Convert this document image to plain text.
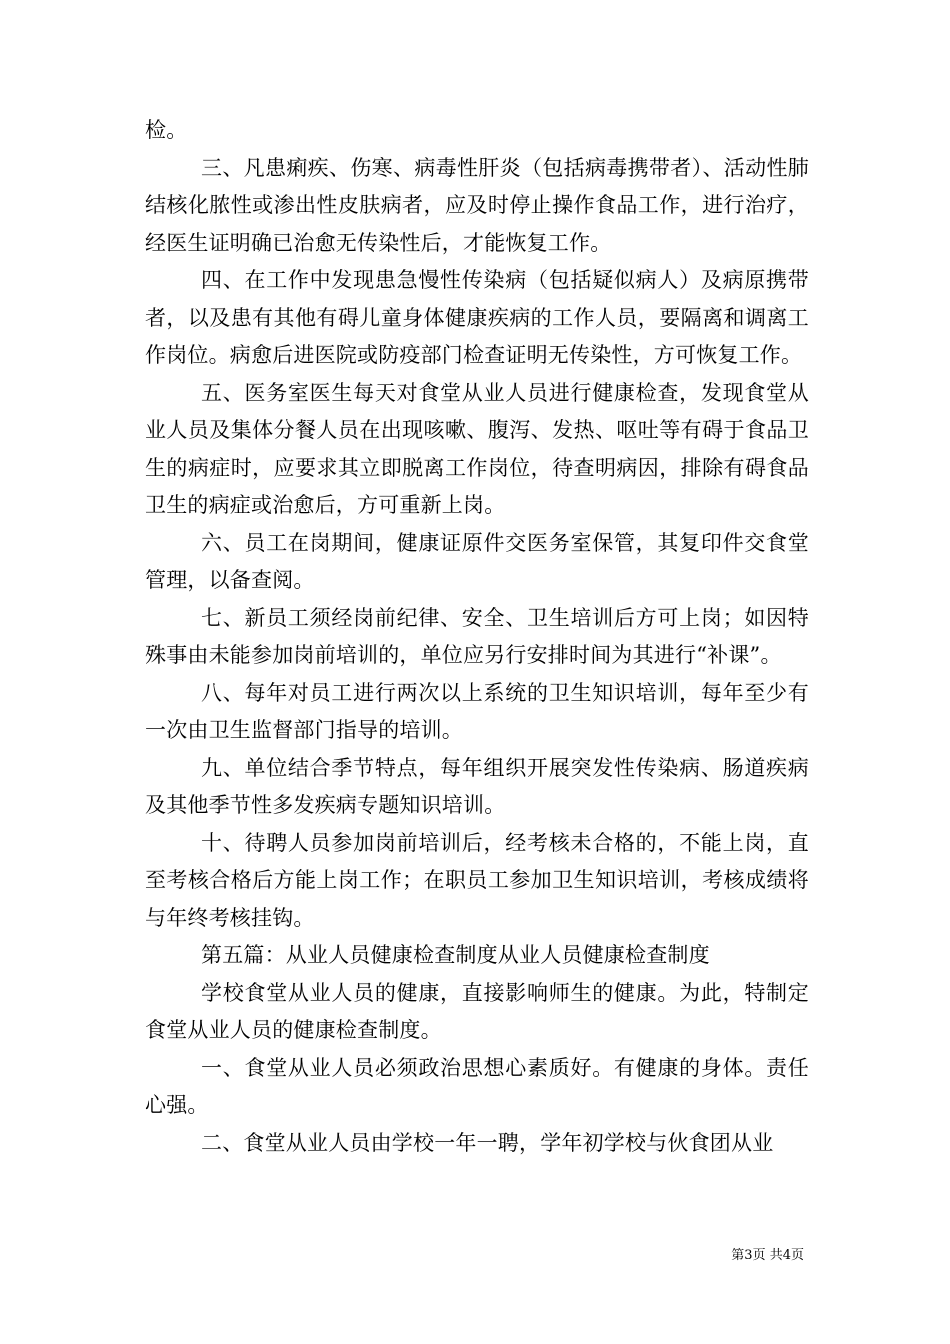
检。

三、凡患痢疾、伤寒、病毒性肝炎（包括病毒携带者）、活动性肺结核化脓性或渗出性皮肤病者，应及时停止操作食品工作，进行治疗，经医生证明确已治愈无传染性后，才能恢复工作。

四、在工作中发现患急慢性传染病（包括疑似病人）及病原携带者，以及患有其他有碍儿童身体健康疾病的工作人员，要隔离和调离工作岗位。病愈后进医院或防疫部门检查证明无传染性，方可恢复工作。

五、医务室医生每天对食堂从业人员进行健康检查，发现食堂从业人员及集体分餐人员在出现咳嗽、腹泻、发热、呕吐等有碍于食品卫生的病症时，应要求其立即脱离工作岗位，待查明病因，排除有碍食品卫生的病症或治愈后，方可重新上岗。

六、员工在岗期间，健康证原件交医务室保管，其复印件交食堂管理，以备查阅。

七、新员工须经岗前纪律、安全、卫生培训后方可上岗；如因特殊事由未能参加岗前培训的，单位应另行安排时间为其进行“补课”。

八、每年对员工进行两次以上系统的卫生知识培训，每年至少有一次由卫生监督部门指导的培训。

九、单位结合季节特点，每年组织开展突发性传染病、肠道疾病及其他季节性多发疾病专题知识培训。

十、待聘人员参加岗前培训后，经考核未合格的，不能上岗，直至考核合格后方能上岗工作；在职员工参加卫生知识培训，考核成绩将与年终考核挂钩。

第五篇：从业人员健康检查制度从业人员健康检查制度

学校食堂从业人员的健康，直接影响师生的健康。为此，特制定食堂从业人员的健康检查制度。

一、食堂从业人员必须政治思想心素质好。有健康的身体。责任心强。

二、食堂从业人员由学校一年一聘，学年初学校与伙食团从业

第3页 共4页
